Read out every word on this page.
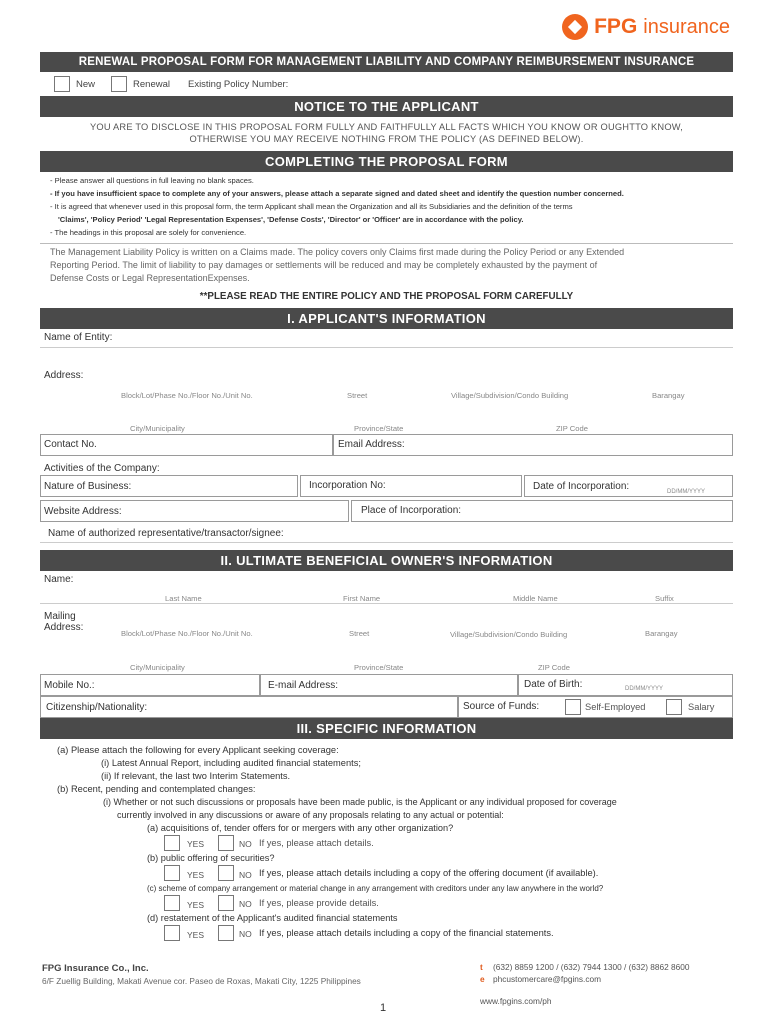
FPG insurance
RENEWAL PROPOSAL FORM FOR MANAGEMENT LIABILITY AND COMPANY REIMBURSEMENT INSURANCE
New	Renewal Existing Policy Number:
NOTICE TO THE APPLICANT
YOU ARE TO DISCLOSE IN THIS PROPOSAL FORM FULLY AND FAITHFULLY ALL FACTS WHICH YOU KNOW OR OUGHTTO KNOW,
OTHERWISE YOU MAY RECEIVE NOTHING FROM THE POLICY (AS DEFINED BELOW).
COMPLETING THE PROPOSAL FORM
- Please answer all questions in full leaving no blank spaces.
- If you have insufficient space to complete any of your answers, please attach a separate signed and dated sheet and identify the question number concerned.
- It is agreed that whenever used in this proposal form, the term Applicant shall mean the Organization and all its Subsidiaries and the definition of the terms
'Claims', 'Policy Period' 'Legal Representation Expenses', 'Defense Costs', 'Director' or 'Officer' are in accordance with the policy.
- The headings in this proposal are solely for convenience.
The Management Liability Policy is written on a Claims made. The policy covers only Claims first made during the Policy Period or any Extended
Reporting Period. The limit of liability to pay damages or settlements will be reduced and may be completely exhausted by the payment of
Defense Costs or Legal RepresentationExpenses.
**PLEASE READ THE ENTIRE POLICY AND THE PROPOSAL FORM CAREFULLY
I. APPLICANT'S INFORMATION
Name of Entity:
Address:
Block/Lot/Phase No./Floor No./Unit No.	Street	Village/Subdivision/Condo Building	Barangay
City/Municipality	Province/State	ZIP Code
Contact No.	Email Address:
Activities of the Company:
Nature of Business:	Incorporation No:	Date of Incorporation:	DD/MM/YYYY
Website Address:	Place of Incorporation:
Name of authorized representative/transactor/signee:
II. ULTIMATE BENEFICIAL OWNER'S INFORMATION
Name:
Last Name	First Name	Middle Name	Suffix
Mailing
Address:
Block/Lot/Phase No./Floor No./Unit No.	Street	Village/Subdivision/Condo Building	Barangay
City/Municipality	Province/State	ZIP Code
Mobile No.:	E-mail Address:	Date of Birth:	DD/MM/YYYY
Citizenship/Nationality:	Source of Funds:	Self-Employed	Salary
III. SPECIFIC INFORMATION
(a) Please attach the following for every Applicant seeking coverage:
(i) Latest Annual Report, including audited financial statements;
(ii) If relevant, the last two Interim Statements.
(b) Recent, pending and contemplated changes:
(i) Whether or not such discussions or proposals have been made public, is the Applicant or any individual proposed for coverage
currently involved in any discussions or aware of any proposals relating to any actual or potential:
(a) acquisitions of, tender offers for or mergers with any other organization?
YES	NO If yes, please attach details.
(b) public offering of securities?
YES	NO If yes, please attach details including a copy of the offering document (if available).
(c) scheme of company arrangement or material change in any arrangement with creditors under any law anywhere in the world?
YES	NO If yes, please provide details.
(d) restatement of the Applicant's audited financial statements
YES	NO If yes, please attach details including a copy of the financial statements.
FPG Insurance Co., Inc.
6/F Zuellig Building, Makati Avenue cor. Paseo de Roxas, Makati City, 1225 Philippines
t (632) 8859 1200 / (632) 7944 1300 / (632) 8862 8600
e phcustomercare@fpgins.com
www.fpgins.com/ph
1
